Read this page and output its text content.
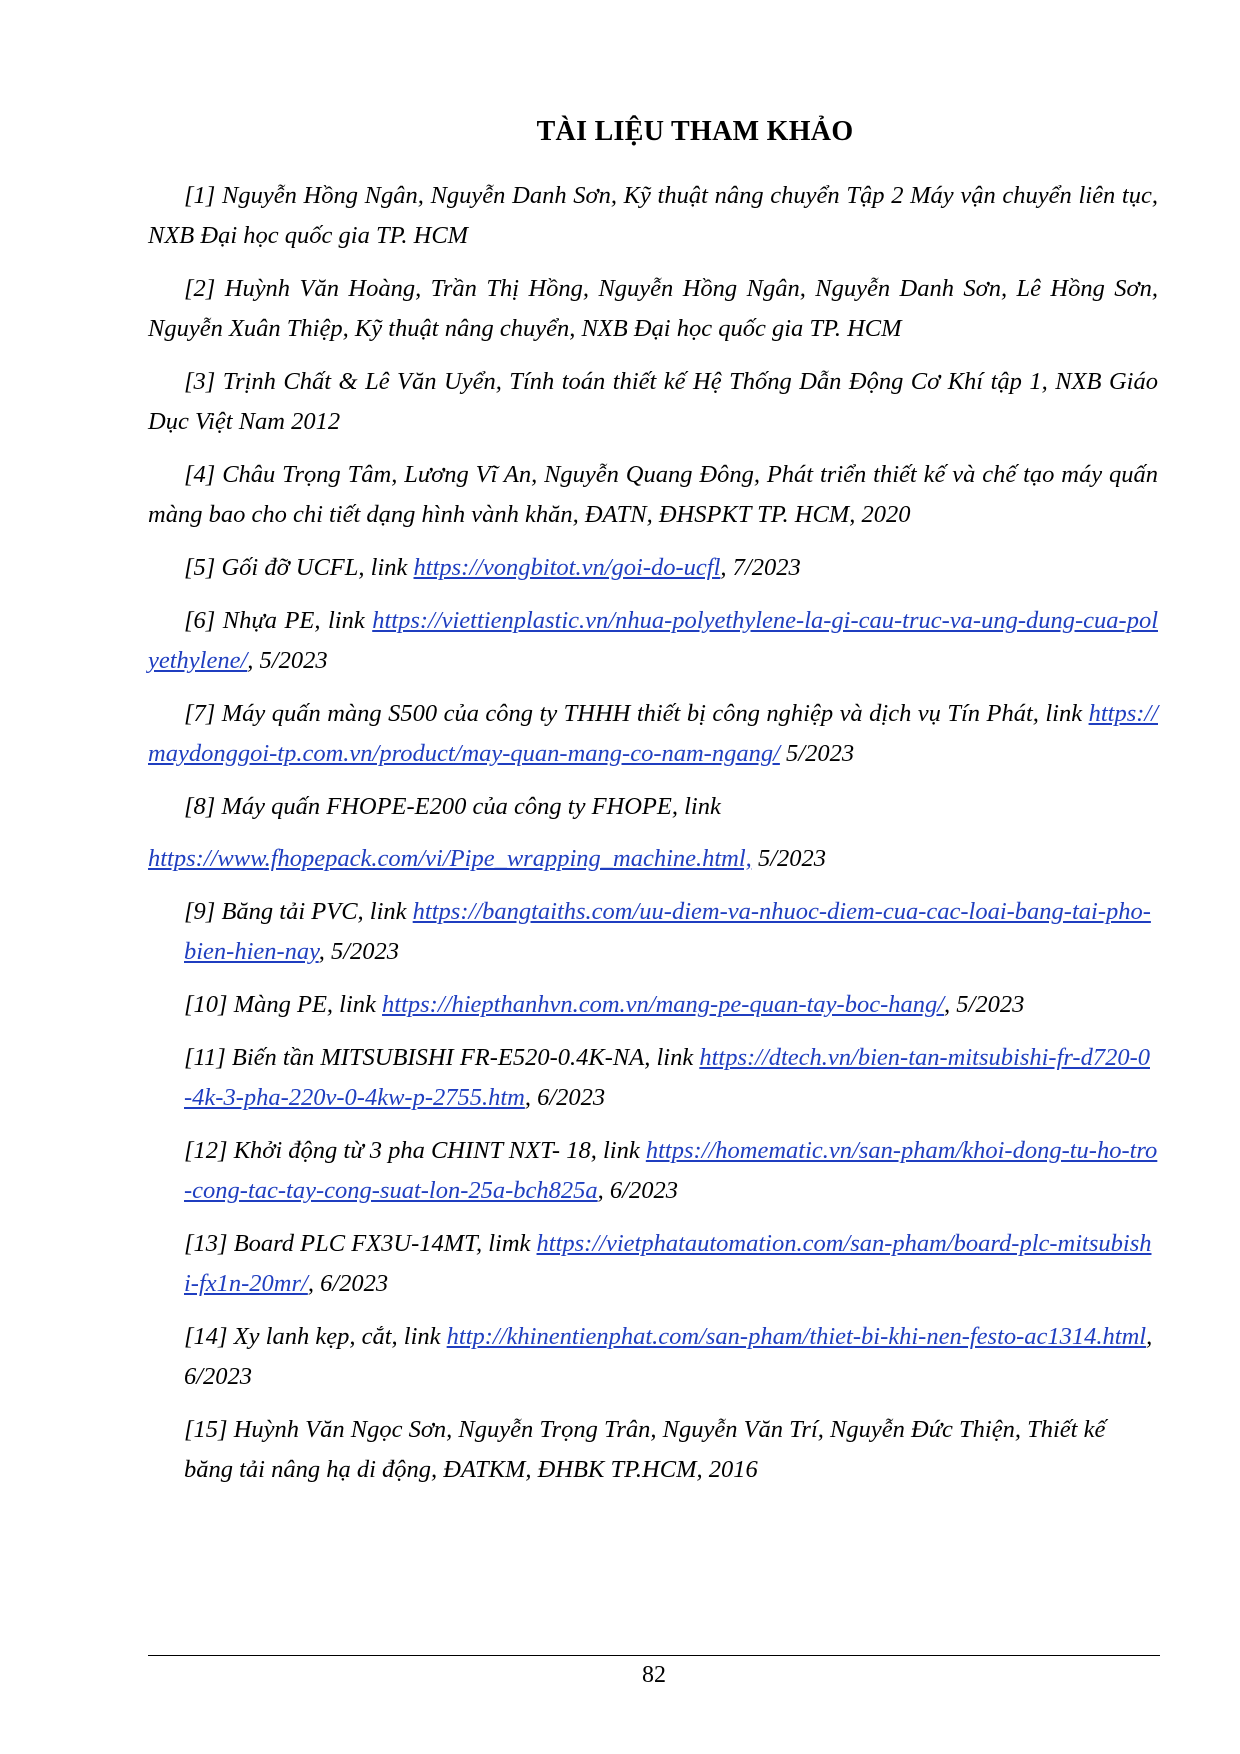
TÀI LIỆU THAM KHẢO

[1] Nguyễn Hồng Ngân, Nguyễn Danh Sơn, Kỹ thuật nâng chuyển Tập 2 Máy vận chuyển liên tục, NXB Đại học quốc gia TP. HCM

[2] Huỳnh Văn Hoàng, Trần Thị Hồng, Nguyễn Hồng Ngân, Nguyễn Danh Sơn, Lê Hồng Sơn, Nguyễn Xuân Thiệp, Kỹ thuật nâng chuyển, NXB Đại học quốc gia TP. HCM

[3] Trịnh Chất & Lê Văn Uyển, Tính toán thiết kế Hệ Thống Dẫn Động Cơ Khí tập 1, NXB Giáo Dục Việt Nam 2012

[4] Châu Trọng Tâm, Lương Vĩ An, Nguyễn Quang Đông, Phát triển thiết kế và chế tạo máy quấn màng bao cho chi tiết dạng hình vành khăn, ĐATN, ĐHSPKT TP. HCM, 2020

[5] Gối đỡ UCFL, link https://vongbitot.vn/goi-do-ucfl, 7/2023

[6] Nhựa PE, link https://viettienplastic.vn/nhua-polyethylene-la-gi-cau-truc-va-ung-dung-cua-polyethylene/, 5/2023

[7] Máy quấn màng S500 của công ty THHH thiết bị công nghiệp và dịch vụ Tín Phát, link https://maydonggoi-tp.com.vn/product/may-quan-mang-co-nam-ngang/ 5/2023

[8] Máy quấn FHOPE-E200 của công ty FHOPE, link

https://www.fhopepack.com/vi/Pipe_wrapping_machine.html, 5/2023

[9] Băng tải PVC, link https://bangtaiths.com/uu-diem-va-nhuoc-diem-cua-cac-loai-bang-tai-pho-bien-hien-nay, 5/2023

[10] Màng PE, link https://hiepthanhvn.com.vn/mang-pe-quan-tay-boc-hang/, 5/2023

[11] Biến tần MITSUBISHI FR-E520-0.4K-NA, link https://dtech.vn/bien-tan-mitsubishi-fr-d720-0-4k-3-pha-220v-0-4kw-p-2755.htm, 6/2023

[12] Khởi động từ 3 pha CHINT NXT- 18, link https://homematic.vn/san-pham/khoi-dong-tu-ho-tro-cong-tac-tay-cong-suat-lon-25a-bch825a, 6/2023

[13] Board PLC FX3U-14MT, limk https://vietphatautomation.com/san-pham/board-plc-mitsubishi-fx1n-20mr/, 6/2023

[14] Xy lanh kẹp, cắt, link http://khinentienphat.com/san-pham/thiet-bi-khi-nen-festo-ac1314.html, 6/2023

[15] Huỳnh Văn Ngọc Sơn, Nguyễn Trọng Trân, Nguyễn Văn Trí, Nguyễn Đức Thiện, Thiết kế băng tải nâng hạ di động, ĐATKM, ĐHBK TP.HCM, 2016

82
